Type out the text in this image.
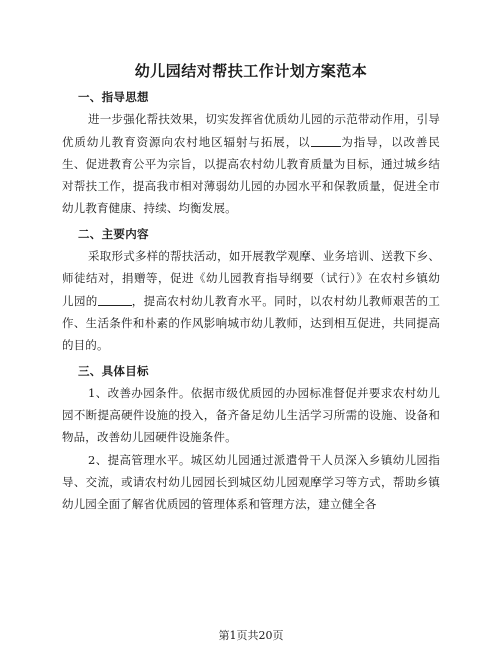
幼儿园结对帮扶工作计划方案范本

一、指导思想

进一步强化帮扶效果，切实发挥省优质幼儿园的示范带动作用，引导优质幼儿教育资源向农村地区辐射与拓展，以	为指导，以改善民生、促进教育公平为宗旨，以提高农村幼儿教育质量为目标，通过城乡结对帮扶工作，提高我市相对薄弱幼儿园的办园水平和保教质量，促进全市幼儿教育健康、持续、均衡发展。

二、主要内容

采取形式多样的帮扶活动，如开展教学观摩、业务培训、送教下乡、师徒结对，捐赠等，促进《幼儿园教育指导纲要（试行）》在农村乡镇幼儿园的	，提高农村幼儿教育水平。同时，以农村幼儿教师艰苦的工作、生活条件和朴素的作风影响城市幼儿教师，达到相互促进，共同提高的目的。

三、具体目标

1、改善办园条件。依据市级优质园的办园标准督促并要求农村幼儿园不断提高硬件设施的投入，备齐备足幼儿生活学习所需的设施、设备和物品，改善幼儿园硬件设施条件。

2、提高管理水平。城区幼儿园通过派遣骨干人员深入乡镇幼儿园指导、交流，或请农村幼儿园园长到城区幼儿园观摩学习等方式，帮助乡镇幼儿园全面了解省优质园的管理体系和管理方法，建立健全各

第1页共20页
